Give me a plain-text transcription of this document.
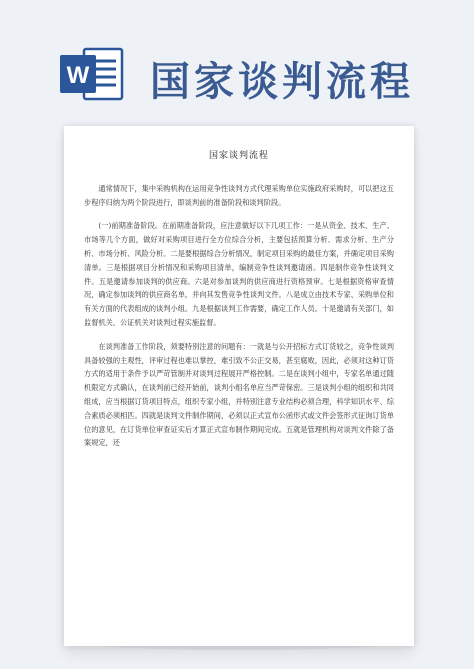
W 国家谈判流程
国家谈判流程

通常情况下，集中采购机构在运用竞争性谈判方式代理采购单位实施政府采购时，可以把这五步程序归纳为两个阶段进行，即谈判前的准备阶段和谈判阶段。

(一)前期准备阶段。在前期准备阶段，应注意做好以下几项工作：一是从资金、技术、生产、市场等几个方面，做好对采购项目进行全方位综合分析，主要包括预算分析、需求分析、生产分析、市场分析、风险分析。二是要根据综合分析情况，制定项目采购的最佳方案，并确定项目采购清单。三是根据项目分析情况和采购项目清单，编制竞争性谈判邀请函。四是制作竞争性谈判文件。五是邀请参加谈判的供应商。六是对参加谈判的供应商进行资格预审。七是根据资格审查情况，确定参加谈判的供应商名单，并向其发售竞争性谈判文件。八是成立由技术专家、采购单位和有关方面的代表组成的谈判小组。九是根据谈判工作需要，确定工作人员。十是邀请有关部门，如监督机关、公证机关对谈判过程实施监督。

在谈判准备工作阶段，须要特别注意的问题有：一就是与公开招标方式订货较之，竞争性谈判具备较强的主观性，评审过程也难以掌控，难引致不公正交易，甚至腐败，因此，必须对这种订货方式的适用于条件予以严苛管制并对谈判过程展开严格控制。二是在谈判小组中，专家名单通过随机限定方式确认，在谈判前已经开始前，谈判小组名单应当严苛保密。三是谈判小组的组织和共同组成，应当根据订货项目特点，组织专家小组，并特别注意专业结构必须合理，科学知识水平、综合素质必须相匹。四就是谈判文件制作期间，必须以正式宣布公函形式或文件会签形式征询订货单位的意见，在订货单位审查证实后才算正式宣布制作期间完成。五就是管理机构对谈判文件除了备案规定，还
